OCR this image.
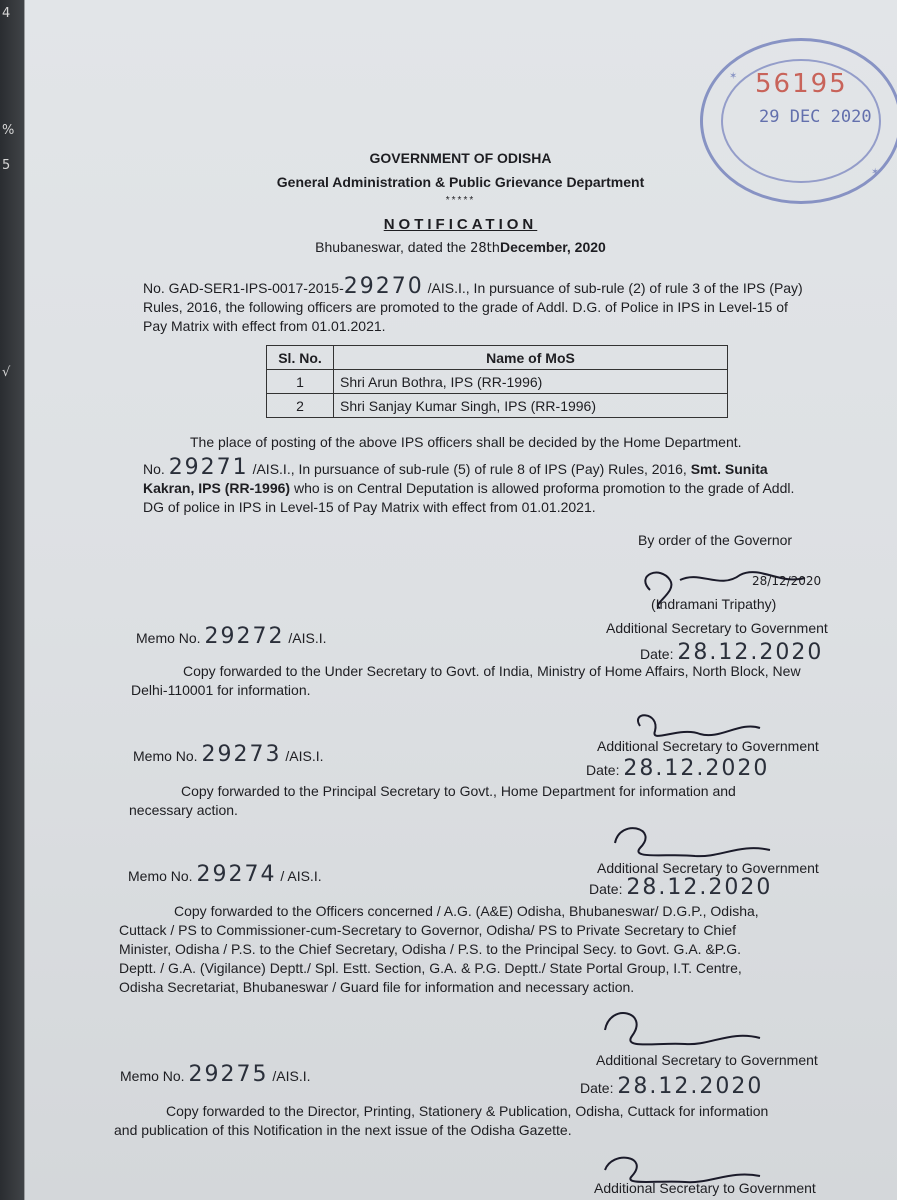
4
%
5
√
56195
29 DEC 2020
✶
✶
GOVERNMENT OF ODISHA
General Administration & Public Grievance Department
*****
NOTIFICATION
Bhubaneswar, dated the 28thDecember, 2020
No. GAD-SER1-IPS-0017-2015-29270 /AIS.I., In pursuance of sub-rule (2) of rule 3 of the IPS (Pay)
Rules, 2016, the following officers are promoted to the grade of Addl. D.G. of Police in IPS in Level-15 of
Pay Matrix with effect from 01.01.2021.
Sl. No.	Name of MoS
1	Shri Arun Bothra, IPS (RR-1996)
2	Shri Sanjay Kumar Singh, IPS (RR-1996)
The place of posting of the above IPS officers shall be decided by the Home Department.
No. 29271 /AIS.I., In pursuance of sub-rule (5) of rule 8 of IPS (Pay) Rules, 2016, Smt. Sunita
Kakran, IPS (RR-1996) who is on Central Deputation is allowed proforma promotion to the grade of Addl.
DG of police in IPS in Level-15 of Pay Matrix with effect from 01.01.2021.
By order of the Governor
28/12/2020
(Indramani Tripathy)
Additional Secretary to Government
Memo No. 29272 /AIS.I.
Date: 28.12.2020
Copy forwarded to the Under Secretary to Govt. of India, Ministry of Home Affairs, North Block, New
Delhi-110001 for information.
Additional Secretary to Government
Memo No. 29273 /AIS.I.
Date: 28.12.2020
Copy forwarded to the Principal Secretary to Govt., Home Department for information and
necessary action.
Additional Secretary to Government
Memo No. 29274 / AIS.I.
Date: 28.12.2020
Copy forwarded to the Officers concerned / A.G. (A&E) Odisha, Bhubaneswar/ D.G.P., Odisha,
Cuttack / PS to Commissioner-cum-Secretary to Governor, Odisha/ PS to Private Secretary to Chief
Minister, Odisha / P.S. to the Chief Secretary, Odisha / P.S. to the Principal Secy. to Govt. G.A. &P.G.
Deptt. / G.A. (Vigilance) Deptt./ Spl. Estt. Section, G.A. & P.G. Deptt./ State Portal Group, I.T. Centre,
Odisha Secretariat, Bhubaneswar / Guard file for information and necessary action.
Additional Secretary to Government
Memo No. 29275 /AIS.I.
Date: 28.12.2020
Copy forwarded to the Director, Printing, Stationery & Publication, Odisha, Cuttack for information
and publication of this Notification in the next issue of the Odisha Gazette.
Additional Secretary to Government
